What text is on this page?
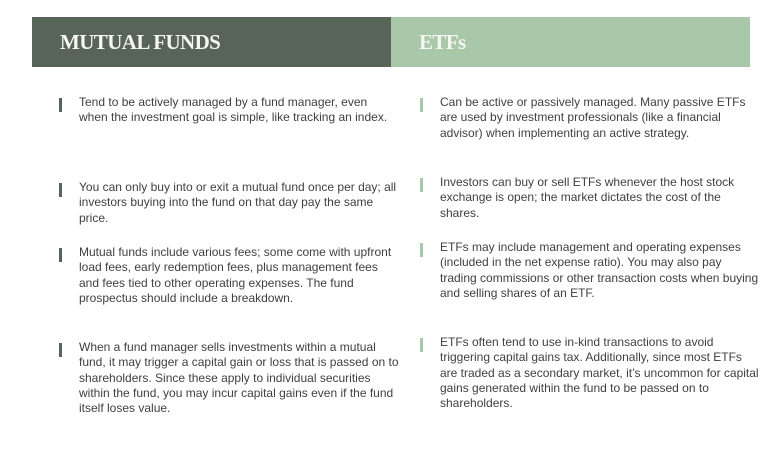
MUTUAL FUNDS	ETFs
Tend to be actively managed by a fund manager, even when the investment goal is simple, like tracking an index.
You can only buy into or exit a mutual fund once per day; all investors buying into the fund on that day pay the same price.
Mutual funds include various fees; some come with upfront load fees, early redemption fees, plus management fees and fees tied to other operating expenses. The fund prospectus should include a breakdown.
When a fund manager sells investments within a mutual fund, it may trigger a capital gain or loss that is passed on to shareholders. Since these apply to individual securities within the fund, you may incur capital gains even if the fund itself loses value.
Can be active or passively managed. Many passive ETFs are used by investment professionals (like a financial advisor) when implementing an active strategy.
Investors can buy or sell ETFs whenever the host stock exchange is open; the market dictates the cost of the shares.
ETFs may include management and operating expenses (included in the net expense ratio). You may also pay trading commissions or other transaction costs when buying and selling shares of an ETF.
ETFs often tend to use in-kind transactions to avoid triggering capital gains tax. Additionally, since most ETFs are traded as a secondary market, it’s uncommon for capital gains generated within the fund to be passed on to shareholders.
